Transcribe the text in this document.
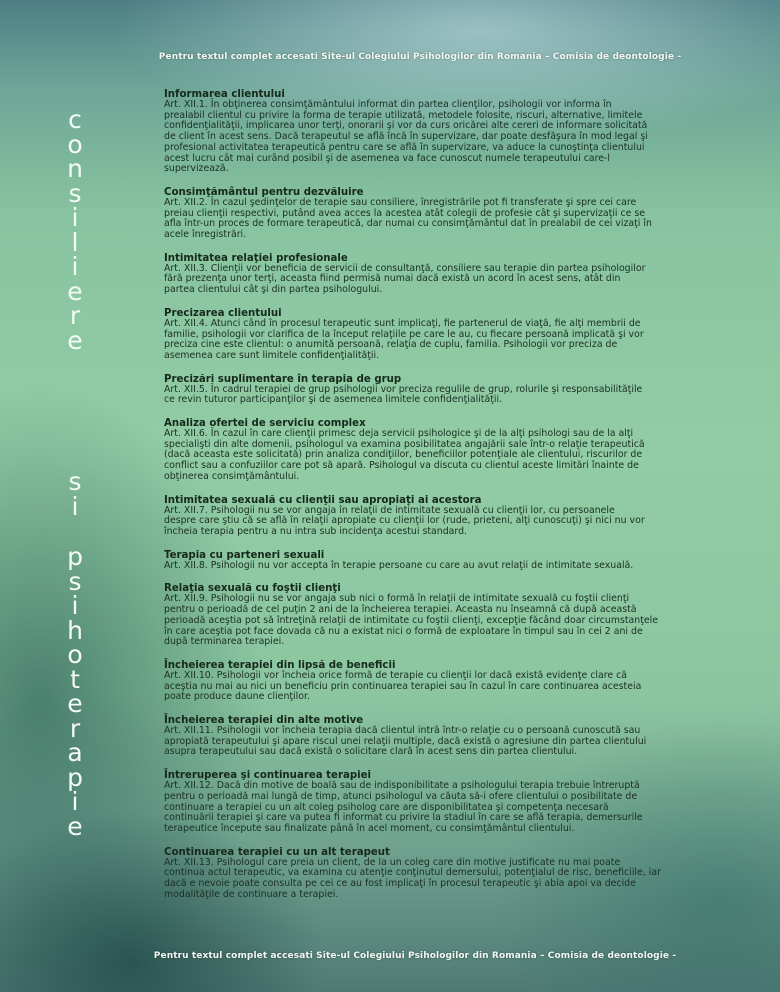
Pentru textul complet accesati Site-ul Colegiului Psihologilor din Romania – Comisia de deontologie -
c
o
n
s
i
l
i
e
r
e
s
i
p
s
i
h
o
t
e
r
a
p
i
e

Informarea clientului

Art. XII.1. În obţinerea consimţământului informat din partea clienţilor, psihologii vor informa în
prealabil clientul cu privire la forma de terapie utilizată, metodele folosite, riscuri, alternative, limitele
confidenţialităţii, implicarea unor terţi, onorarii şi vor da curs oricărei alte cereri de informare solicitată
de client în acest sens. Dacă terapeutul se află încă în supervizare, dar poate desfăşura în mod legal şi
profesional activitatea terapeutică pentru care se află în supervizare, va aduce la cunoştinţa clientului
acest lucru cât mai curând posibil şi de asemenea va face cunoscut numele terapeutului care-l
supervizează.

Consimţământul pentru dezvăluire

Art. XII.2. În cazul şedinţelor de terapie sau consiliere, înregistrările pot fi transferate şi spre cei care
preiau clienţii respectivi, putând avea acces la acestea atât colegii de profesie cât şi supervizaţii ce se
afla într-un proces de formare terapeutică, dar numai cu consimţământul dat în prealabil de cei vizaţi în
acele înregistrări.

Intimitatea relaţiei profesionale

Art. XII.3. Clienţii vor beneficia de servicii de consultanţă, consiliere sau terapie din partea psihologilor
fără prezenţa unor terţi, aceasta fiind permisă numai dacă există un acord în acest sens, atât din
partea clientului cât şi din partea psihologului.

Precizarea clientului

Art. XII.4. Atunci când în procesul terapeutic sunt implicaţi, fie partenerul de viaţă, fie alţi membrii de
familie, psihologii vor clarifica de la început relaţiile pe care le au, cu fiecare persoană implicată şi vor
preciza cine este clientul: o anumită persoană, relaţia de cuplu, familia. Psihologii vor preciza de
asemenea care sunt limitele confidenţialităţii.

Precizări suplimentare în terapia de grup

Art. XII.5. În cadrul terapiei de grup psihologii vor preciza regulile de grup, rolurile şi responsabilităţile
ce revin tuturor participanţilor şi de asemenea limitele confidenţialităţii.

Analiza ofertei de serviciu complex

Art. XII.6. În cazul în care clienţii primesc deja servicii psihologice şi de la alţi psihologi sau de la alţi
specialişti din alte domenii, psihologul va examina posibilitatea angajării sale într-o relaţie terapeutică
(dacă aceasta este solicitată) prin analiza condiţiilor, beneficiilor potenţiale ale clientului, riscurilor de
conflict sau a confuziilor care pot să apară. Psihologul va discuta cu clientul aceste limitări înainte de
obţinerea consimţământului.

Intimitatea sexuală cu clienţii sau apropiaţi ai acestora

Art. XII.7. Psihologii nu se vor angaja în relaţii de intimitate sexuală cu clienţii lor, cu persoanele
despre care ştiu că se află în relaţii apropiate cu clienţii lor (rude, prieteni, alţi cunoscuţi) şi nici nu vor
încheia terapia pentru a nu intra sub incidenţa acestui standard.

Terapia cu parteneri sexuali

Art. XII.8. Psihologii nu vor accepta în terapie persoane cu care au avut relaţii de intimitate sexuală.

Relaţia sexuală cu foştii clienţi

Art. XII.9. Psihologii nu se vor angaja sub nici o formă în relaţii de intimitate sexuală cu foştii clienţi
pentru o perioadă de cel puţin 2 ani de la încheierea terapiei. Aceasta nu înseamnă că după această
perioadă aceştia pot să întreţină relaţii de intimitate cu foştii clienţi, excepţie făcând doar circumstanţele
în care aceştia pot face dovada că nu a existat nici o formă de exploatare în timpul sau în cei 2 ani de
după terminarea terapiei.

Încheierea terapiei din lipsă de beneficii

Art. XII.10. Psihologii vor încheia orice formă de terapie cu clienţii lor dacă există evidenţe clare că
aceştia nu mai au nici un beneficiu prin continuarea terapiei sau în cazul în care continuarea acesteia
poate produce daune clienţilor.

Încheierea terapiei din alte motive

Art. XII.11. Psihologii vor încheia terapia dacă clientul intră într-o relaţie cu o persoană cunoscută sau
apropiată terapeutului şi apare riscul unei relaţii multiple, dacă există o agresiune din partea clientului
asupra terapeutului sau dacă există o solicitare clară în acest sens din partea clientului.

Întreruperea şi continuarea terapiei

Art. XII.12. Dacă din motive de boală sau de indisponibilitate a psihologului terapia trebuie întreruptă
pentru o perioadă mai lungă de timp, atunci psihologul va căuta să-i ofere clientului o posibilitate de
continuare a terapiei cu un alt coleg psiholog care are disponibilitatea şi competenţa necesară
continuării terapiei şi care va putea fi informat cu privire la stadiul în care se află terapia, demersurile
terapeutice începute sau finalizate până în acel moment, cu consimţământul clientului.

Continuarea terapiei cu un alt terapeut

Art. XII.13. Psihologul care preia un client, de la un coleg care din motive justificate nu mai poate
continua actul terapeutic, va examina cu atenţie conţinutul demersului, potenţialul de risc, beneficiile, iar
dacă e nevoie poate consulta pe cei ce au fost implicaţi în procesul terapeutic şi abia apoi va decide
modalităţile de continuare a terapiei.

Pentru textul complet accesati Site-ul Colegiului Psihologilor din Romania – Comisia de deontologie -
